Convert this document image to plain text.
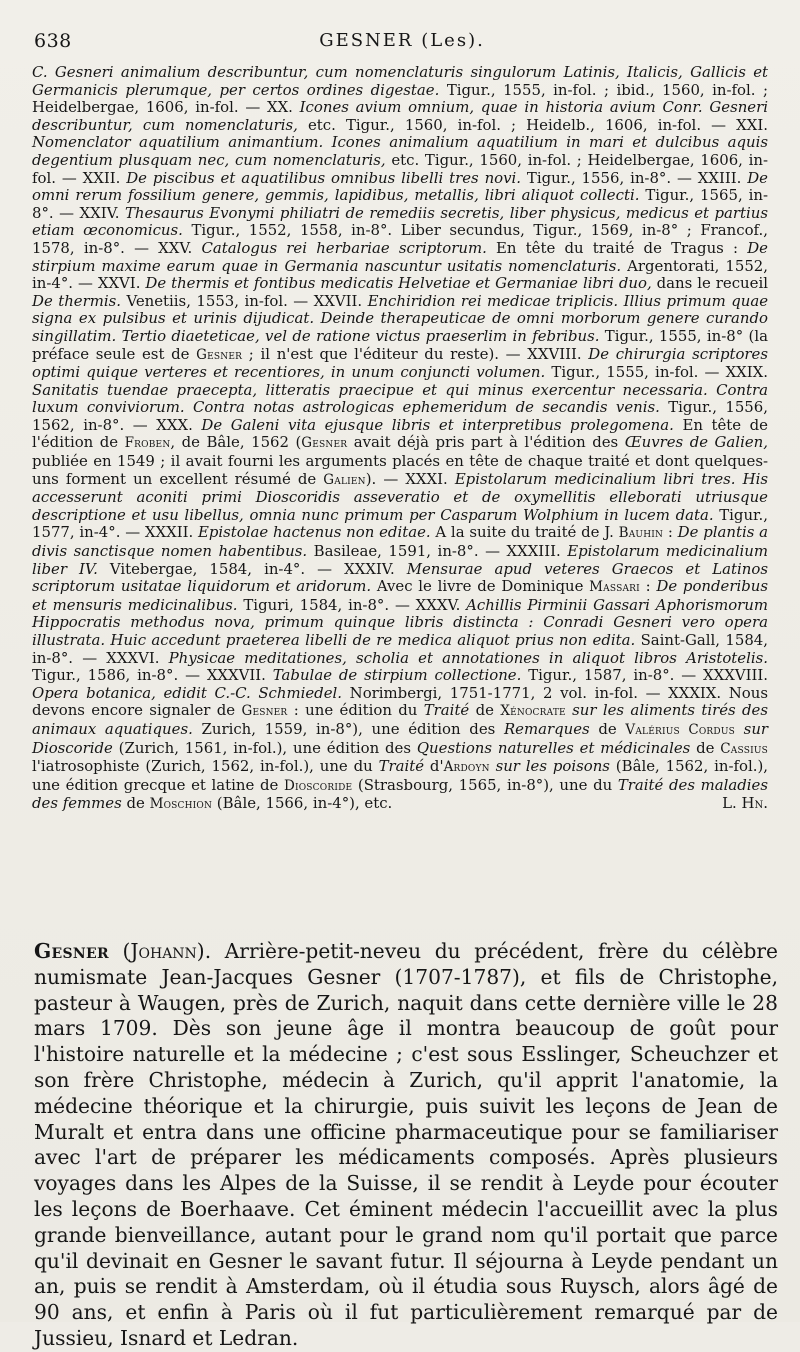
638	GESNER (Les).
C. Gesneri animalium describuntur, cum nomenclaturis singulorum Latinis, Italicis, Gallicis et Germanicis plerumque, per certos ordines digestae. Tigur., 1555, in-fol. ; ibid., 1560, in-fol. ; Heidelbergae, 1606, in-fol. — XX. Icones avium omnium, quae in historia avium Conr. Gesneri describuntur, cum nomenclaturis, etc. Tigur., 1560, in-fol. ; Heidelb., 1606, in-fol. — XXI. Nomenclator aquatilium animantium. Icones animalium aquatilium in mari et dulcibus aquis degentium plusquam nec, cum nomenclaturis, etc. Tigur., 1560, in-fol. ; Heidelbergae, 1606, in-fol. — XXII. De piscibus et aquatilibus omnibus libelli tres novi. Tigur., 1556, in-8°. — XXIII. De omni rerum fossilium genere, gemmis, lapidibus, metallis, libri aliquot collecti. Tigur., 1565, in-8°. — XXIV. Thesaurus Evonymi philiatri de remediis secretis, liber physicus, medicus et partius etiam œconomicus. Tigur., 1552, 1558, in-8°. Liber secundus, Tigur., 1569, in-8° ; Francof., 1578, in-8°. — XXV. Catalogus rei herbariae scriptorum. En tête du traité de Tragus : De stirpium maxime earum quae in Germania nascuntur usitatis nomenclaturis. Argentorati, 1552, in-4°. — XXVI. De thermis et fontibus medicatis Helvetiae et Germaniae libri duo, dans le recueil De thermis. Venetiis, 1553, in-fol. — XXVII. Enchiridion rei medicae triplicis. Illius primum quae signa ex pulsibus et urinis dijudicat. Deinde therapeuticae de omni morborum genere curando singillatim. Tertio diaeteticae, vel de ratione victus praeserlim in febribus. Tigur., 1555, in-8° (la préface seule est de Gesner ; il n'est que l'éditeur du reste). — XXVIII. De chirurgia scriptores optimi quique verteres et recentiores, in unum conjuncti volumen. Tigur., 1555, in-fol. — XXIX. Sanitatis tuendae praecepta, litteratis praecipue et qui minus exercentur necessaria. Contra luxum conviviorum. Contra notas astrologicas ephemeridum de secandis venis. Tigur., 1556, 1562, in-8°. — XXX. De Galeni vita ejusque libris et interpretibus prolegomena. En tête de l'édition de Froben, de Bâle, 1562 (Gesner avait déjà pris part à l'édition des Œuvres de Galien, publiée en 1549 ; il avait fourni les arguments placés en tête de chaque traité et dont quelques-uns forment un excellent résumé de Galien). — XXXI. Epistolarum medicinalium libri tres. His accesserunt aconiti primi Dioscoridis asseveratio et de oxymellitis elleborati utriusque descriptione et usu libellus, omnia nunc primum per Casparum Wolphium in lucem data. Tigur., 1577, in-4°. — XXXII. Epistolae hactenus non editae. A la suite du traité de J. Bauhin : De plantis a divis sanctisque nomen habentibus. Basileae, 1591, in-8°. — XXXIII. Epistolarum medicinalium liber IV. Vitebergae, 1584, in-4°. — XXXIV. Mensurae apud veteres Graecos et Latinos scriptorum usitatae liquidorum et aridorum. Avec le livre de Dominique Massari : De ponderibus et mensuris medicinalibus. Tiguri, 1584, in-8°. — XXXV. Achillis Pirminii Gassari Aphorismorum Hippocratis methodus nova, primum quinque libris distincta : Conradi Gesneri vero opera illustrata. Huic accedunt praeterea libelli de re medica aliquot prius non edita. Saint-Gall, 1584, in-8°. — XXXVI. Physicae meditationes, scholia et annotationes in aliquot libros Aristotelis. Tigur., 1586, in-8°. — XXXVII. Tabulae de stirpium collectione. Tigur., 1587, in-8°. — XXXVIII. Opera botanica, edidit C.-C. Schmiedel. Norimbergi, 1751-1771, 2 vol. in-fol. — XXXIX. Nous devons encore signaler de Gesner : une édition du Traité de Xénocrate sur les aliments tirés des animaux aquatiques. Zurich, 1559, in-8°), une édition des Remarques de Valérius Cordus sur Dioscoride (Zurich, 1561, in-fol.), une édition des Questions naturelles et médicinales de Cassius l'iatrosophiste (Zurich, 1562, in-fol.), une du Traité d'Ardoyn sur les poisons (Bâle, 1562, in-fol.), une édition grecque et latine de Dioscoride (Strasbourg, 1565, in-8°), une du Traité des maladies des femmes de Moschion (Bâle, 1566, in-4°), etc.	L. Hn.
Gesner (Johann). Arrière-petit-neveu du précédent, frère du célèbre numismate Jean-Jacques Gesner (1707-1787), et fils de Christophe, pasteur à Waugen, près de Zurich, naquit dans cette dernière ville le 28 mars 1709. Dès son jeune âge il montra beaucoup de goût pour l'histoire naturelle et la médecine ; c'est sous Esslinger, Scheuchzer et son frère Christophe, médecin à Zurich, qu'il apprit l'anatomie, la médecine théorique et la chirurgie, puis suivit les leçons de Jean de Muralt et entra dans une officine pharmaceutique pour se familiariser avec l'art de préparer les médicaments composés. Après plusieurs voyages dans les Alpes de la Suisse, il se rendit à Leyde pour écouter les leçons de Boerhaave. Cet éminent médecin l'accueillit avec la plus grande bienveillance, autant pour le grand nom qu'il portait que parce qu'il devinait en Gesner le savant futur. Il séjourna à Leyde pendant un an, puis se rendit à Amsterdam, où il étudia sous Ruysch, alors âgé de 90 ans, et enfin à Paris où il fut particulièrement remarqué par de Jussieu, Isnard et Ledran.
